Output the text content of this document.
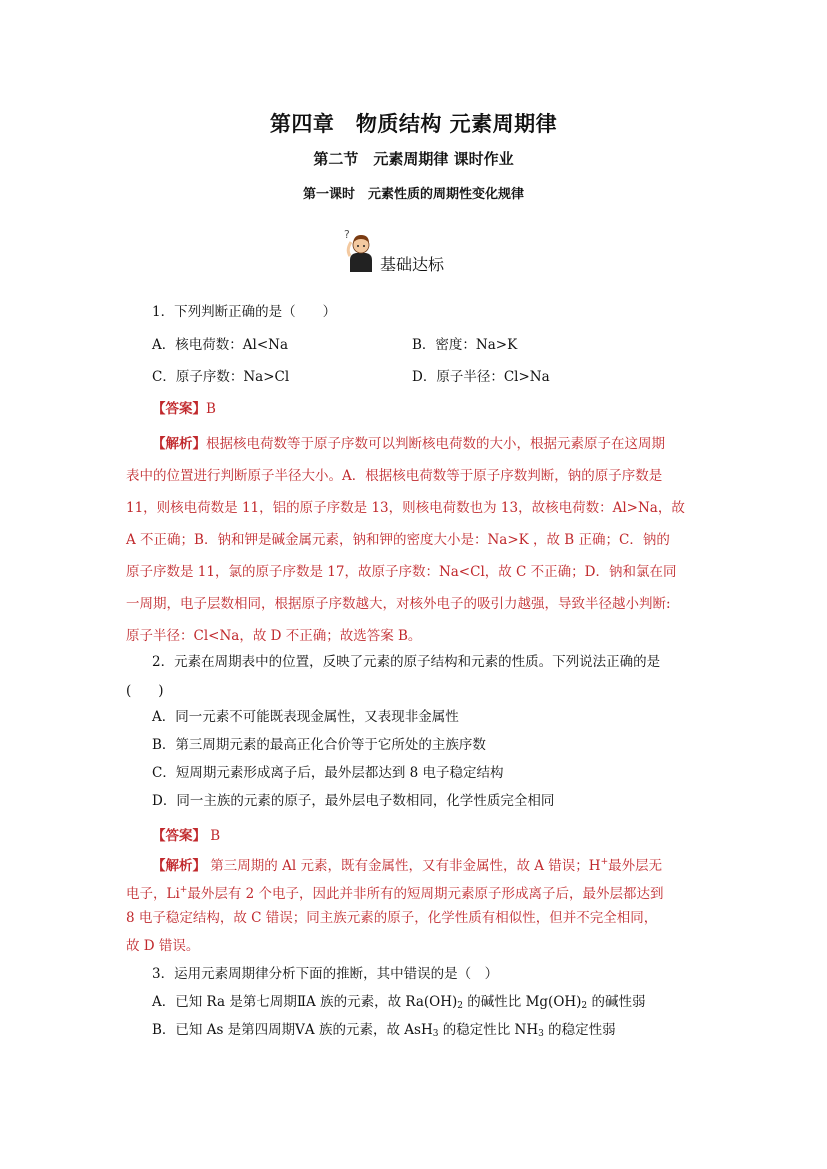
第四章　物质结构 元素周期律
第二节　元素周期律 课时作业
第一课时　元素性质的周期性变化规律
?
基础达标
1．下列判断正确的是（　　）
A．核电荷数：Al<Na	B．密度：Na>K
C．原子序数：Na>Cl	D．原子半径：Cl>Na
【答案】B
【解析】根据核电荷数等于原子序数可以判断核电荷数的大小，根据元素原子在这周期
表中的位置进行判断原子半径大小。A．根据核电荷数等于原子序数判断，钠的原子序数是
11，则核电荷数是 11，铝的原子序数是 13，则核电荷数也为 13，故核电荷数：Al>Na，故
A 不正确；B．钠和钾是碱金属元素，钠和钾的密度大小是：Na>K ，故 B 正确；C．钠的
原子序数是 11，氯的原子序数是 17，故原子序数：Na<Cl，故 C 不正确；D．钠和氯在同
一周期，电子层数相同，根据原子序数越大，对核外电子的吸引力越强，导致半径越小判断:
原子半径：Cl<Na，故 D 不正确；故选答案 B。
2．元素在周期表中的位置，反映了元素的原子结构和元素的性质。下列说法正确的是
(　　)
A．同一元素不可能既表现金属性，又表现非金属性
B．第三周期元素的最高正化合价等于它所处的主族序数
C．短周期元素形成离子后，最外层都达到 8 电子稳定结构
D．同一主族的元素的原子，最外层电子数相同，化学性质完全相同
【答案】 B
【解析】 第三周期的 Al 元素，既有金属性，又有非金属性，故 A 错误；H+最外层无
电子，Li+最外层有 2 个电子，因此并非所有的短周期元素原子形成离子后，最外层都达到
8 电子稳定结构，故 C 错误；同主族元素的原子，化学性质有相似性，但并不完全相同，
故 D 错误。
3．运用元素周期律分析下面的推断，其中错误的是（　）
A．已知 Ra 是第七周期ⅡA 族的元素，故 $Ra(OH)_2$ 的碱性比 $Mg(OH)_2$ 的碱性弱
B．已知 As 是第四周期ⅤA 族的元素，故 AsH$_3$ 的稳定性比 $NH_3$ 的稳定性弱
